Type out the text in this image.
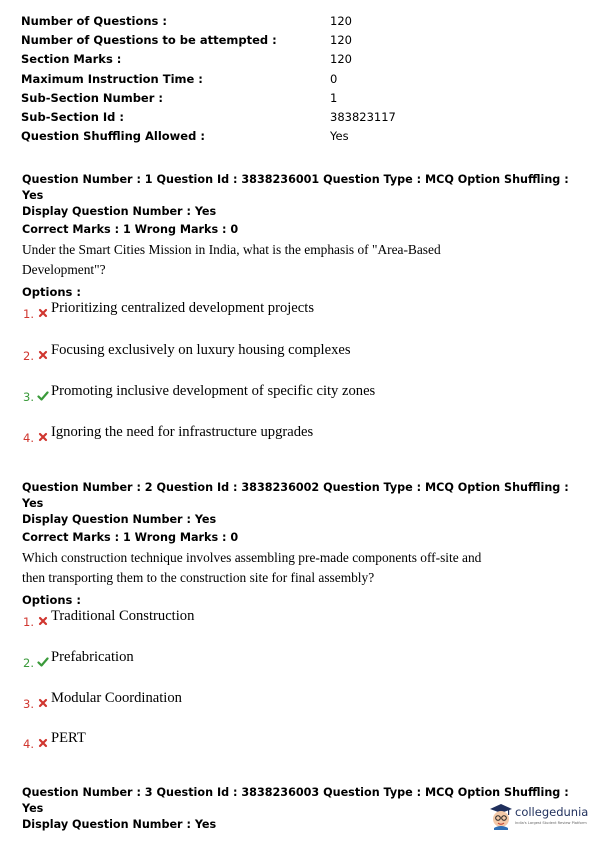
Number of Questions :	120
Number of Questions to be attempted :	120
Section Marks :	120
Maximum Instruction Time :	0
Sub-Section Number :	1
Sub-Section Id :	383823117
Question Shuffling Allowed :	Yes
Question Number : 1 Question Id : 3838236001 Question Type : MCQ Option Shuffling : Yes
Display Question Number : Yes
Correct Marks : 1 Wrong Marks : 0
Under the Smart Cities Mission in India, what is the emphasis of "Area-Based
Development"?
Options :
1. Prioritizing centralized development projects
2. Focusing exclusively on luxury housing complexes
3. Promoting inclusive development of specific city zones
4. Ignoring the need for infrastructure upgrades
Question Number : 2 Question Id : 3838236002 Question Type : MCQ Option Shuffling : Yes
Display Question Number : Yes
Correct Marks : 1 Wrong Marks : 0
Which construction technique involves assembling pre-made components off-site and
then transporting them to the construction site for final assembly?
Options :
1. Traditional Construction
2. Prefabrication
3. Modular Coordination
4. PERT
Question Number : 3 Question Id : 3838236003 Question Type : MCQ Option Shuffling : Yes
Display Question Number : Yes
collegedunia
India's Largest Student Review Platform
